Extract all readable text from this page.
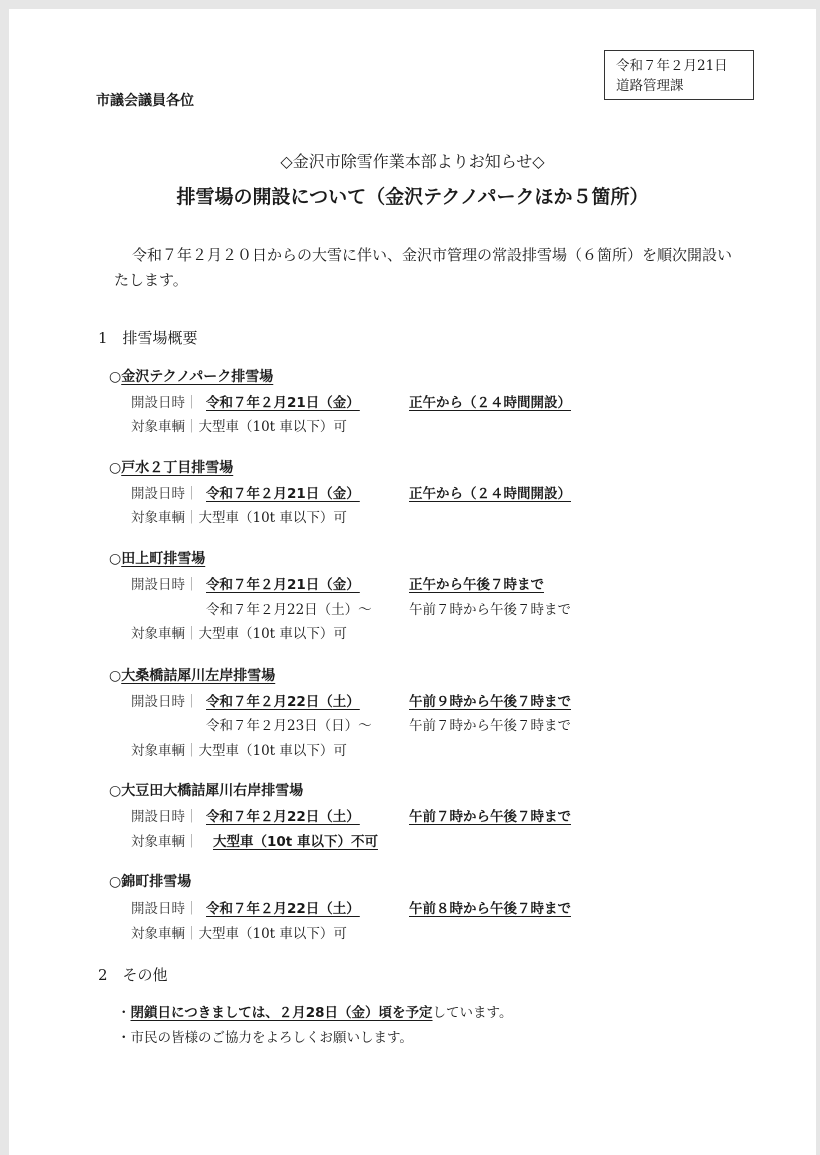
令和７年２月21日
道路管理課
市議会議員各位
◇金沢市除雪作業本部よりお知らせ◇
排雪場の開設について（金沢テクノパークほか５箇所）
令和７年２月２０日からの大雪に伴い、金沢市管理の常設排雪場（６箇所）を順次開設いたします。
1　排雪場概要
○金沢テクノパーク排雪場
開設日時｜ 令和７年２月21日（金）	正午から（２４時間開設）
対象車輌｜大型車（10t 車以下）可
○戸水２丁目排雪場
開設日時｜ 令和７年２月21日（金）	正午から（２４時間開設）
対象車輌｜大型車（10t 車以下）可
○田上町排雪場
開設日時｜ 令和７年２月21日（金）	正午から午後７時まで
令和７年２月22日（土）～	午前７時から午後７時まで
対象車輌｜大型車（10t 車以下）可
○大桑橋詰犀川左岸排雪場
開設日時｜ 令和７年２月22日（土）	午前９時から午後７時まで
令和７年２月23日（日）～	午前７時から午後７時まで
対象車輌｜大型車（10t 車以下）可
○大豆田大橋詰犀川右岸排雪場
開設日時｜ 令和７年２月22日（土）	午前７時から午後７時まで
対象車輌｜ 大型車（10t 車以下）不可
○錦町排雪場
開設日時｜ 令和７年２月22日（土）	午前８時から午後７時まで
対象車輌｜大型車（10t 車以下）可
2　その他
・閉鎖日につきましては、２月28日（金）頃を予定しています。
・市民の皆様のご協力をよろしくお願いします。
